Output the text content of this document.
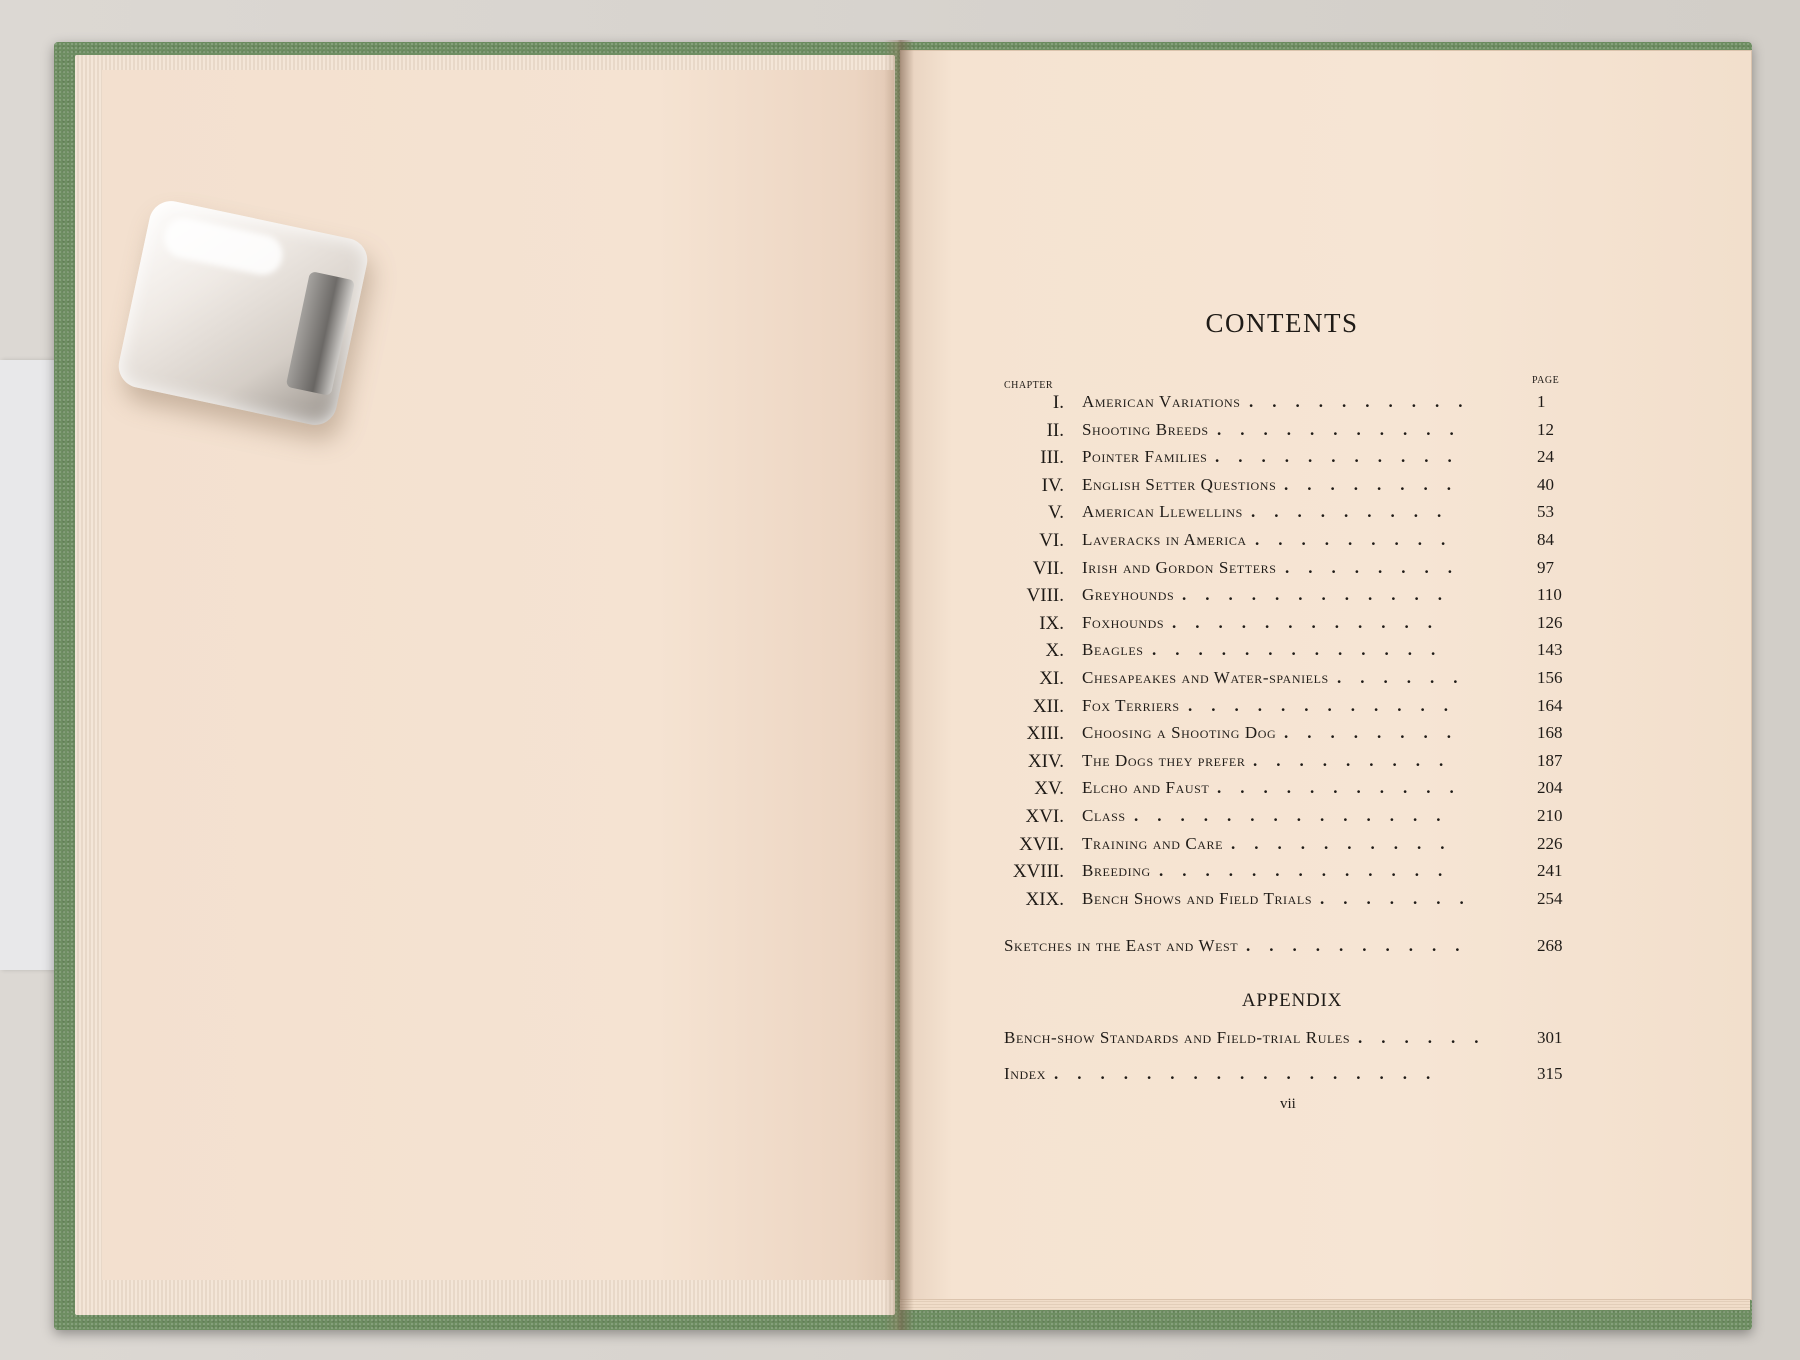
CONTENTS
CHAPTER	PAGE
I. American Variations ..........	1
II. Shooting Breeds ...........	12
III. Pointer Families ...........	24
IV. English Setter Questions ........	40
V. American Llewellins .........	53
VI. Laveracks in America .........	84
VII. Irish and Gordon Setters ........	97
VIII. Greyhounds ............	110
IX. Foxhounds ............	126
X. Beagles .............	143
XI. Chesapeakes and Water-spaniels ......	156
XII. Fox Terriers ............	164
XIII. Choosing a Shooting Dog ........	168
XIV. The Dogs they prefer .........	187
XV. Elcho and Faust ...........	204
XVI. Class ..............	210
XVII. Training and Care ..........	226
XVIII. Breeding .............	241
XIX. Bench Shows and Field Trials .......	254
Sketches in the East and West ..........	268
APPENDIX
Bench-show Standards and Field-trial Rules ...... 301
Index .................	315
vii
